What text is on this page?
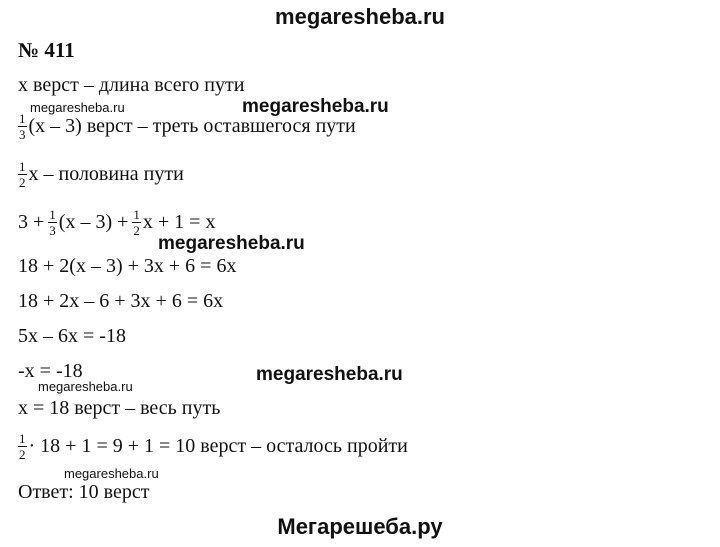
megaresheba.ru
№ 411
х верст – длина всего пути
megaresheba.ru	megaresheba.ru
$\frac{1}{3} (х - 3)$ верст – треть оставшегося пути
$\frac{1}{2}$ х – половина пути
$3 + \frac{1}{3} (х - 3) + \frac{1}{2}$ х + 1 = х
megaresheba.ru
18 + 2(х – 3) + 3х + 6 = 6х
18 + 2х – 6 + 3х + 6 = 6х
5х – 6х = -18
-х = -18	megaresheba.ru
megaresheba.ru
х = 18 верст – весь путь
$\frac{1}{2} \cdot 18 + 1 = 9 + 1 = 10$ верст – осталось пройти
megaresheba.ru
Ответ: 10 верст
Мегарешеба.ру
